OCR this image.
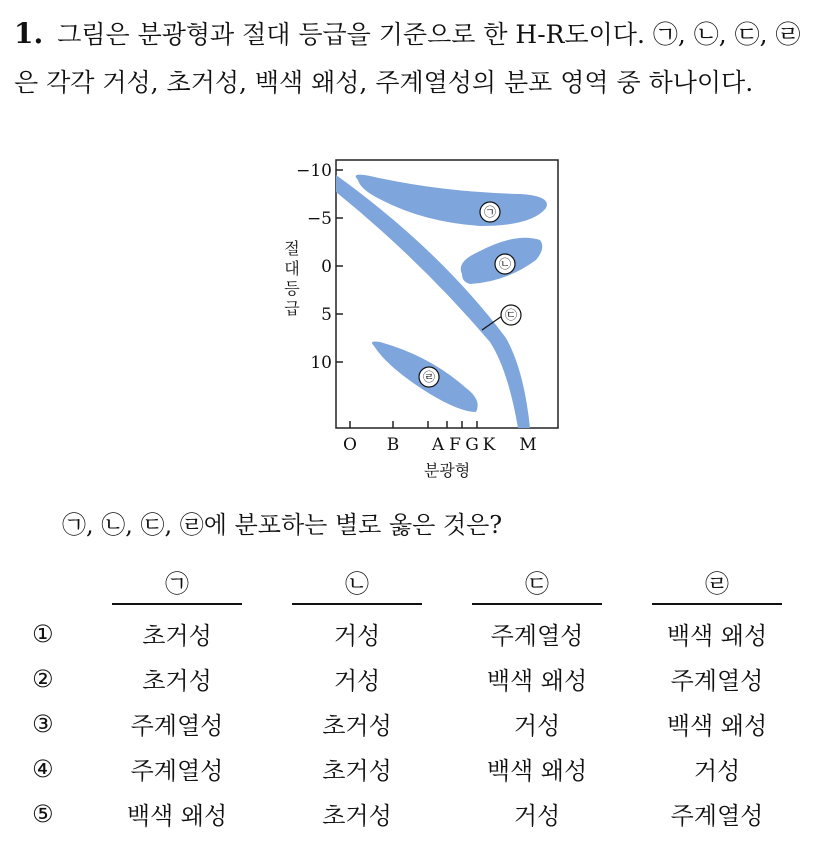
1. 그림은 분광형과 절대 등급을 기준으로 한 H-R도이다. ㉠, ㉡, ㉢, ㉣은 각각 거성, 초거성, 백색 왜성, 주계열성의 분포 영역 중 하나이다.
㉠
㉡
㉢
㉣
−10
−5
0
5
10
O B A F G K M
분광형
절 대 등 급
㉠, ㉡, ㉢, ㉣에 분포하는 별로 옳은 것은?
	㉠	㉡	㉢	㉣
①	초거성	거성	주계열성	백색 왜성
②	초거성	거성	백색 왜성	주계열성
③	주계열성	초거성	거성	백색 왜성
④	주계열성	초거성	백색 왜성	거성
⑤	백색 왜성	초거성	거성	주계열성
